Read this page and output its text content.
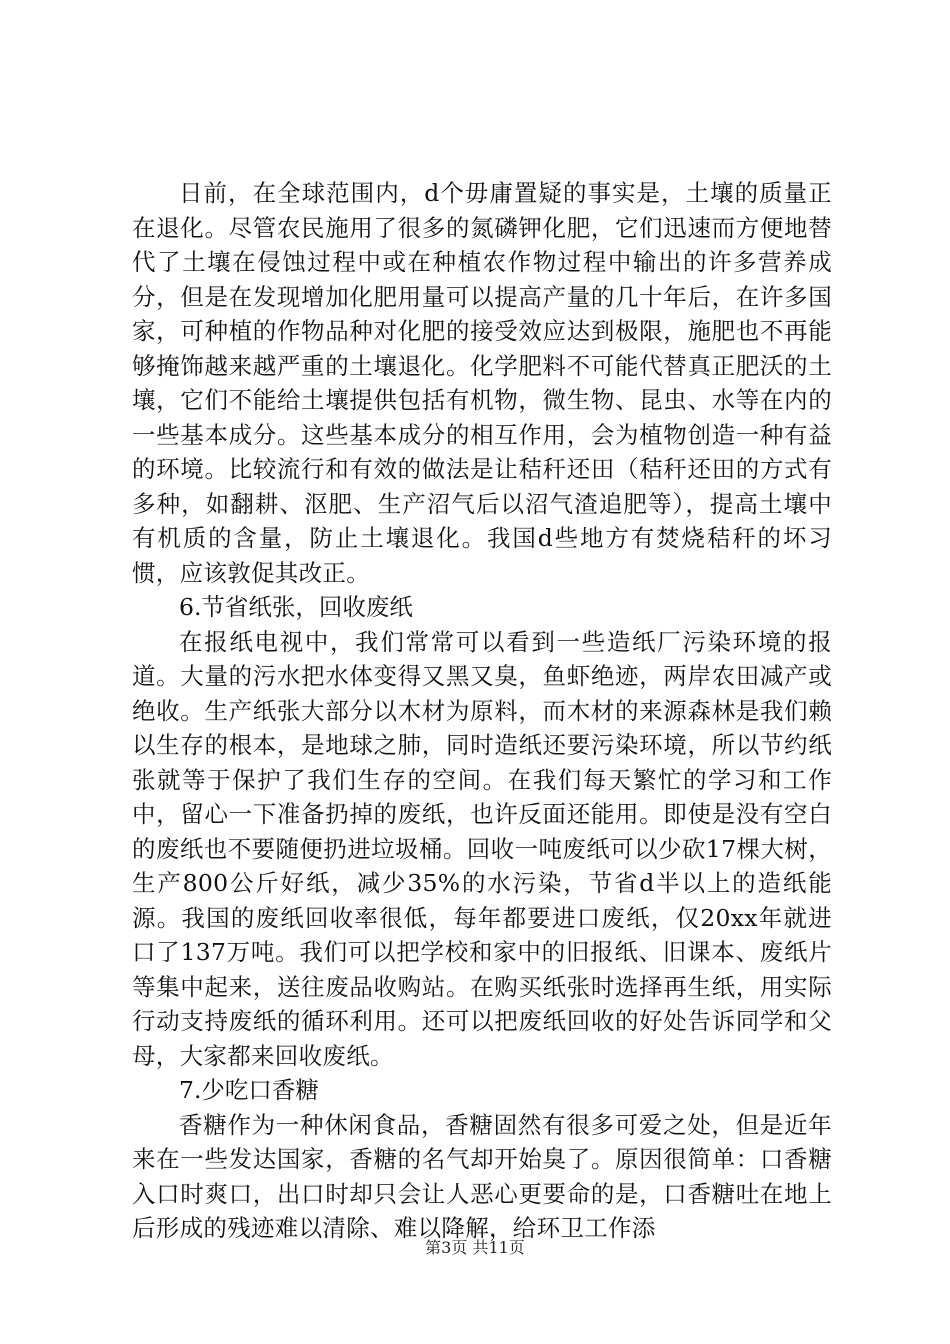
日前，在全球范围内，d个毋庸置疑的事实是，土壤的质量正在退化。尽管农民施用了很多的氮磷钾化肥，它们迅速而方便地替代了土壤在侵蚀过程中或在种植农作物过程中输出的许多营养成分，但是在发现增加化肥用量可以提高产量的几十年后，在许多国家，可种植的作物品种对化肥的接受效应达到极限，施肥也不再能够掩饰越来越严重的土壤退化。化学肥料不可能代替真正肥沃的土壤，它们不能给土壤提供包括有机物，微生物、昆虫、水等在内的一些基本成分。这些基本成分的相互作用，会为植物创造一种有益的环境。比较流行和有效的做法是让秸秆还田（秸秆还田的方式有多种，如翻耕、沤肥、生产沼气后以沼气渣追肥等），提高土壤中有机质的含量，防止土壤退化。我国d些地方有焚烧秸秆的坏习惯，应该敦促其改正。

6.节省纸张，回收废纸

在报纸电视中，我们常常可以看到一些造纸厂污染环境的报道。大量的污水把水体变得又黑又臭，鱼虾绝迹，两岸农田减产或绝收。生产纸张大部分以木材为原料，而木材的来源森林是我们赖以生存的根本，是地球之肺，同时造纸还要污染环境，所以节约纸张就等于保护了我们生存的空间。在我们每天繁忙的学习和工作中，留心一下准备扔掉的废纸，也许反面还能用。即使是没有空白的废纸也不要随便扔进垃圾桶。回收一吨废纸可以少砍17棵大树，生产800公斤好纸，减少35%的水污染，节省d半以上的造纸能源。我国的废纸回收率很低，每年都要进口废纸，仅20xx年就进口了137万吨。我们可以把学校和家中的旧报纸、旧课本、废纸片等集中起来，送往废品收购站。在购买纸张时选择再生纸，用实际行动支持废纸的循环利用。还可以把废纸回收的好处告诉同学和父母，大家都来回收废纸。

7.少吃口香糖

香糖作为一种休闲食品，香糖固然有很多可爱之处，但是近年来在一些发达国家，香糖的名气却开始臭了。原因很简单：口香糖入口时爽口，出口时却只会让人恶心更要命的是，口香糖吐在地上后形成的残迹难以清除、难以降解，给环卫工作添

第3页 共11页
